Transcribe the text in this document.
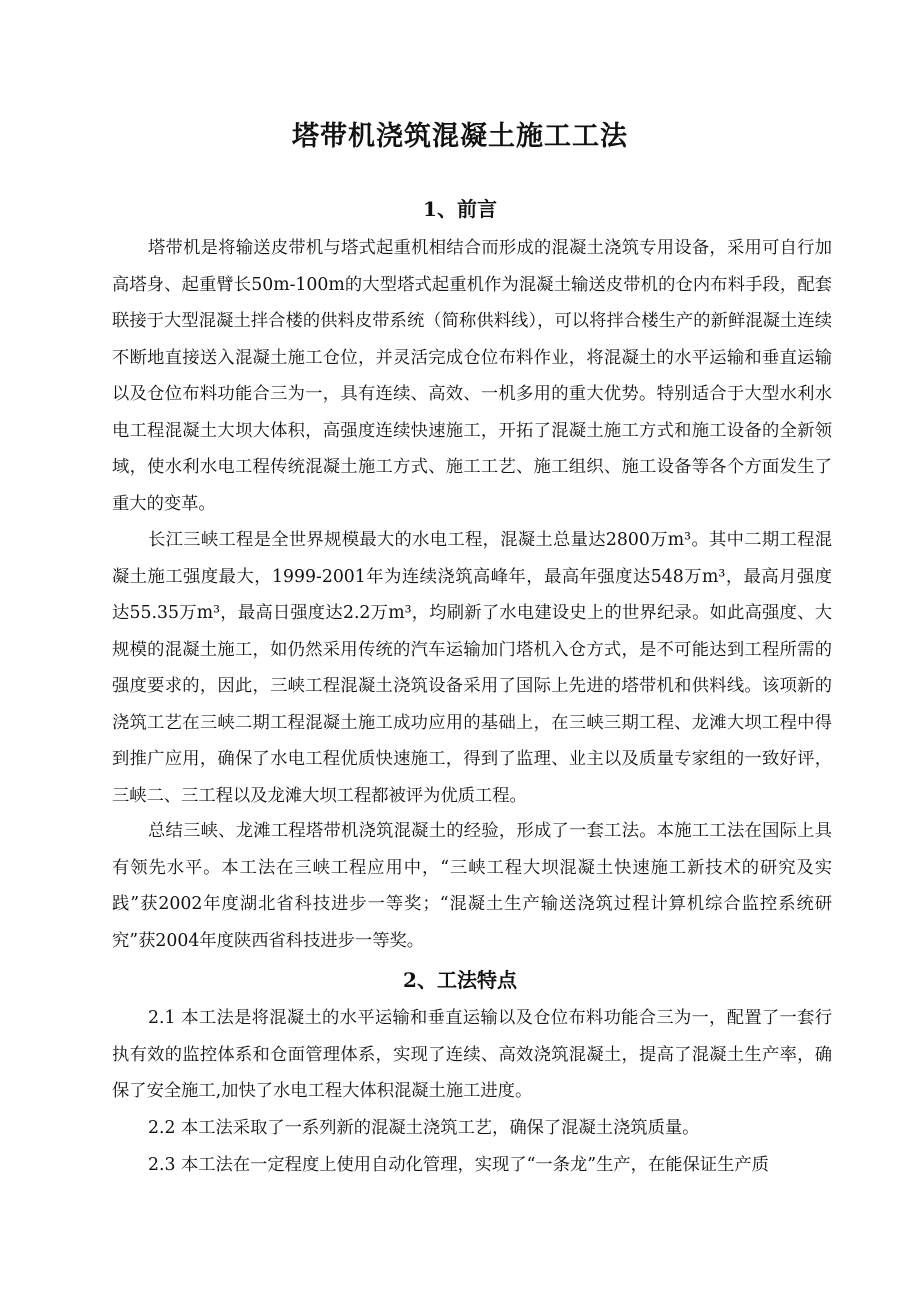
塔带机浇筑混凝土施工工法
1、前言

塔带机是将输送皮带机与塔式起重机相结合而形成的混凝土浇筑专用设备，采用可自行加高塔身、起重臂长50m-100m的大型塔式起重机作为混凝土输送皮带机的仓内布料手段，配套联接于大型混凝土拌合楼的供料皮带系统（简称供料线），可以将拌合楼生产的新鲜混凝土连续不断地直接送入混凝土施工仓位，并灵活完成仓位布料作业，将混凝土的水平运输和垂直运输以及仓位布料功能合三为一，具有连续、高效、一机多用的重大优势。特别适合于大型水利水电工程混凝土大坝大体积，高强度连续快速施工，开拓了混凝土施工方式和施工设备的全新领域，使水利水电工程传统混凝土施工方式、施工工艺、施工组织、施工设备等各个方面发生了重大的变革。

长江三峡工程是全世界规模最大的水电工程，混凝土总量达2800万m³。其中二期工程混凝土施工强度最大，1999-2001年为连续浇筑高峰年，最高年强度达548万m³，最高月强度达55.35万m³，最高日强度达2.2万m³，均刷新了水电建设史上的世界纪录。如此高强度、大规模的混凝土施工，如仍然采用传统的汽车运输加门塔机入仓方式，是不可能达到工程所需的强度要求的，因此，三峡工程混凝土浇筑设备采用了国际上先进的塔带机和供料线。该项新的浇筑工艺在三峡二期工程混凝土施工成功应用的基础上，在三峡三期工程、龙滩大坝工程中得到推广应用，确保了水电工程优质快速施工，得到了监理、业主以及质量专家组的一致好评，三峡二、三工程以及龙滩大坝工程都被评为优质工程。

总结三峡、龙滩工程塔带机浇筑混凝土的经验，形成了一套工法。本施工工法在国际上具有领先水平。本工法在三峡工程应用中，“三峡工程大坝混凝土快速施工新技术的研究及实践”获2002年度湖北省科技进步一等奖；“混凝土生产输送浇筑过程计算机综合监控系统研究”获2004年度陕西省科技进步一等奖。

2、工法特点

2.1 本工法是将混凝土的水平运输和垂直运输以及仓位布料功能合三为一，配置了一套行执有效的监控体系和仓面管理体系，实现了连续、高效浇筑混凝土，提高了混凝土生产率，确保了安全施工,加快了水电工程大体积混凝土施工进度。

2.2 本工法采取了一系列新的混凝土浇筑工艺，确保了混凝土浇筑质量。

2.3 本工法在一定程度上使用自动化管理，实现了“一条龙”生产，在能保证生产质
